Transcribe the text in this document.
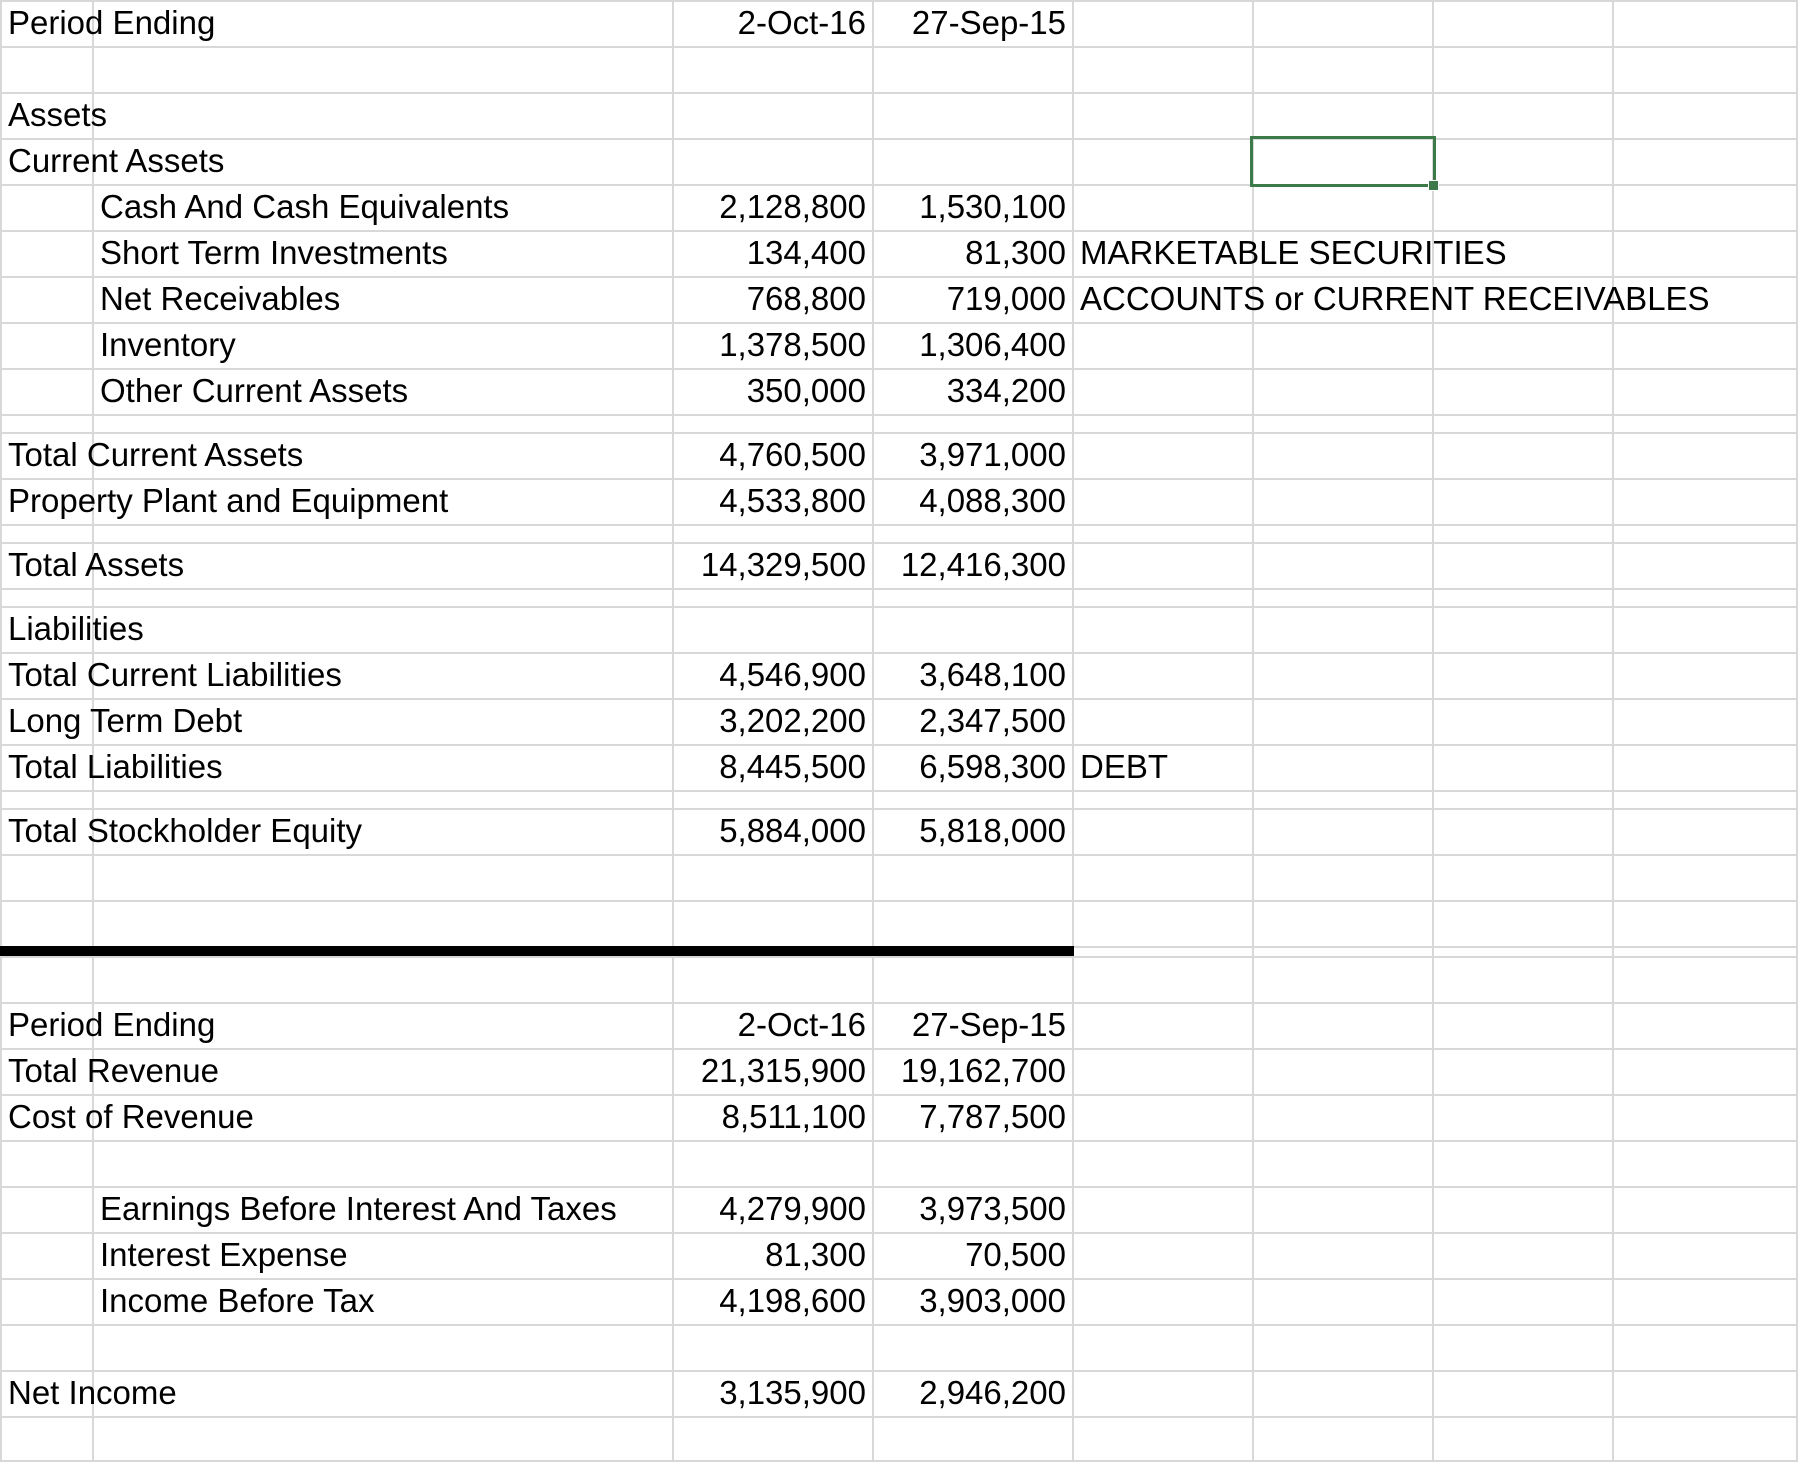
Period Ending	2-Oct-16	27-Sep-15
Assets
Current Assets
Cash And Cash Equivalents	2,128,800	1,530,100
Short Term Investments	134,400	81,300 MARKETABLE SECURITIES
Net Receivables	768,800	719,000 ACCOUNTS or CURRENT RECEIVABLES
Inventory	1,378,500	1,306,400
Other Current Assets	350,000	334,200
Total Current Assets	4,760,500	3,971,000
Property Plant and Equipment	4,533,800	4,088,300
Total Assets	14,329,500	12,416,300
Liabilities
Total Current Liabilities	4,546,900	3,648,100
Long Term Debt	3,202,200	2,347,500
Total Liabilities	8,445,500	6,598,300 DEBT
Total Stockholder Equity	5,884,000	5,818,000
Period Ending	2-Oct-16	27-Sep-15
Total Revenue	21,315,900	19,162,700
Cost of Revenue	8,511,100	7,787,500
Earnings Before Interest And Taxes	4,279,900	3,973,500
Interest Expense	81,300	70,500
Income Before Tax	4,198,600	3,903,000
Net Income	3,135,900	2,946,200
